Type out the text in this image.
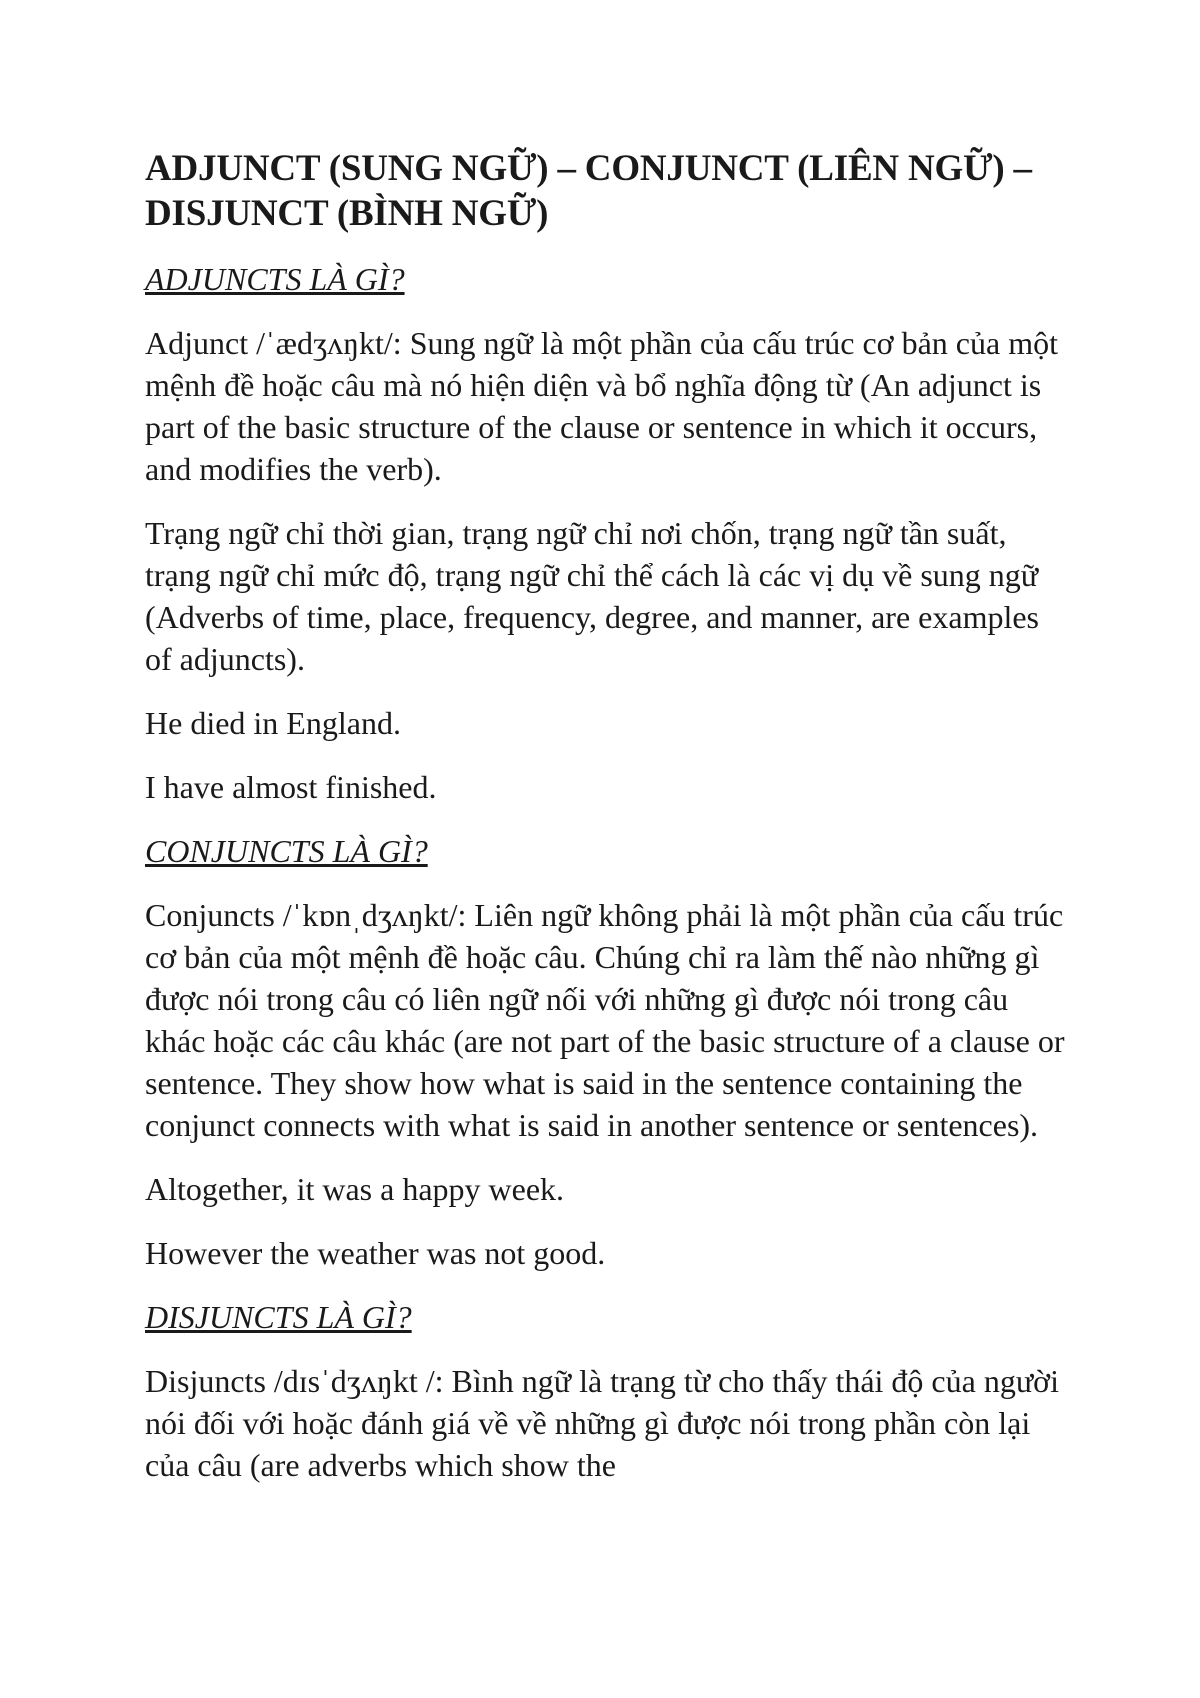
ADJUNCT (SUNG NGỮ) – CONJUNCT (LIÊN NGỮ) – DISJUNCT (BÌNH NGỮ)
ADJUNCTS LÀ GÌ?
Adjunct /ˈædʒʌŋkt/: Sung ngữ là một phần của cấu trúc cơ bản của một mệnh đề hoặc câu mà nó hiện diện và bổ nghĩa động từ (An adjunct is part of the basic structure of the clause or sentence in which it occurs, and modifies the verb).
Trạng ngữ chỉ thời gian, trạng ngữ chỉ nơi chốn, trạng ngữ tần suất, trạng ngữ chỉ mức độ, trạng ngữ chỉ thể cách là các vị dụ về sung ngữ (Adverbs of time, place, frequency, degree, and manner, are examples of adjuncts).
He died in England.
I have almost finished.
CONJUNCTS LÀ GÌ?
Conjuncts /ˈkɒnˌdʒʌŋkt/: Liên ngữ không phải là một phần của cấu trúc cơ bản của một mệnh đề hoặc câu. Chúng chỉ ra làm thế nào những gì được nói trong câu có liên ngữ nối với những gì được nói trong câu khác hoặc các câu khác (are not part of the basic structure of a clause or sentence. They show how what is said in the sentence containing the conjunct connects with what is said in another sentence or sentences).
Altogether, it was a happy week.
However the weather was not good.
DISJUNCTS LÀ GÌ?
Disjuncts /dɪsˈdʒʌŋkt /: Bình ngữ là trạng từ cho thấy thái độ của người nói đối với hoặc đánh giá về về những gì được nói trong phần còn lại của câu (are adverbs which show the
